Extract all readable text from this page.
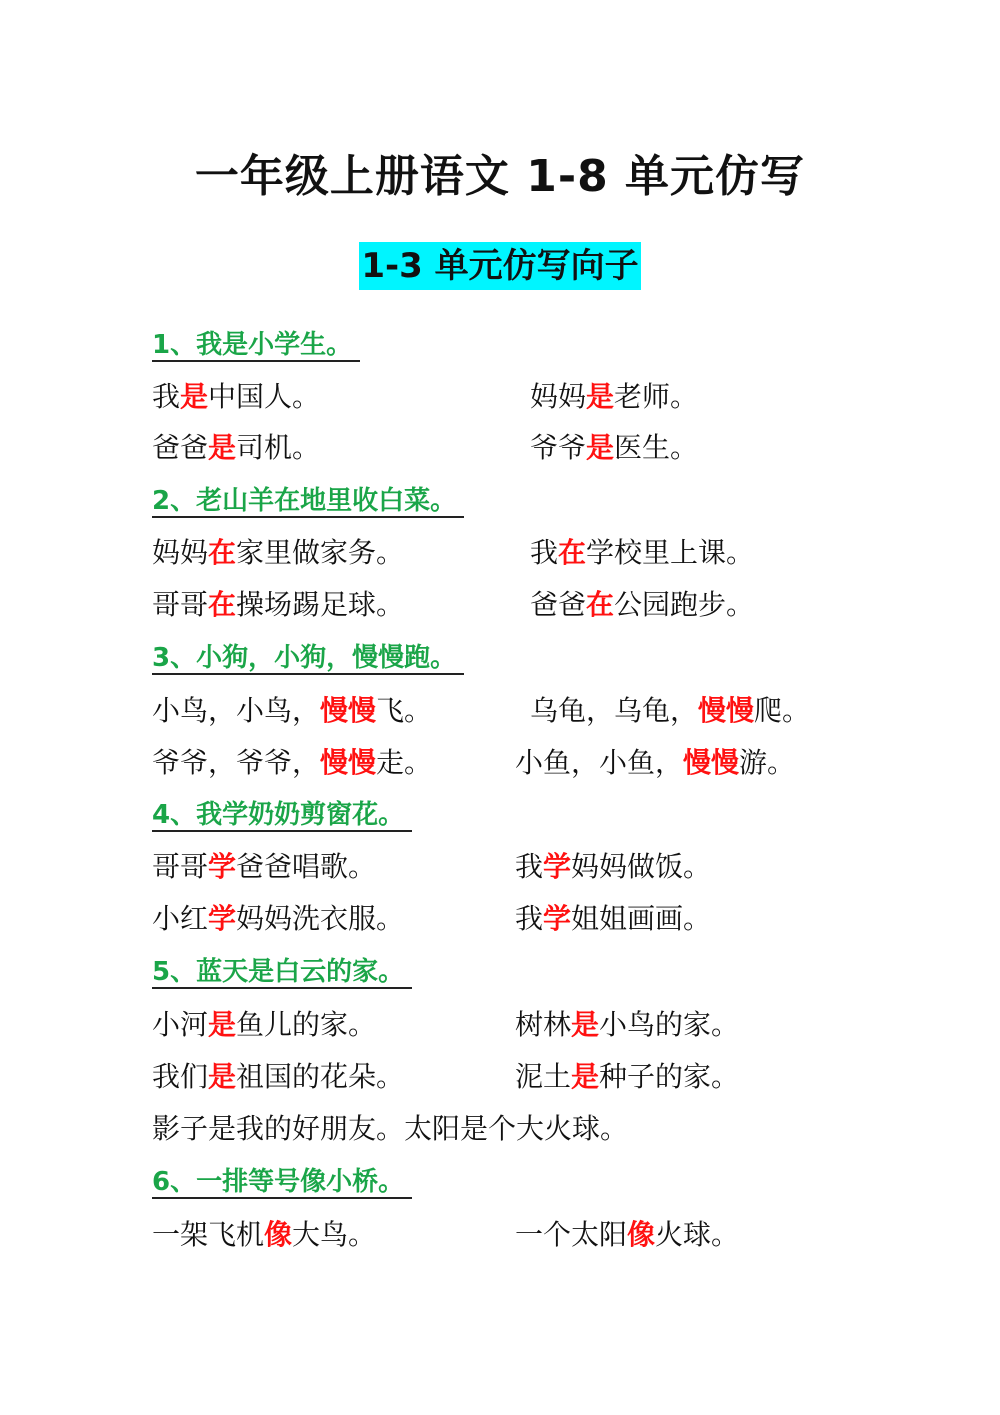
一年级上册语文 1-8 单元仿写
1-3 单元仿写向子
1、我是小学生。
我是中国人。	妈妈是老师。
爸爸是司机。	爷爷是医生。
2、老山羊在地里收白菜。
妈妈在家里做家务。	我在学校里上课。
哥哥在操场踢足球。	爸爸在公园跑步。
3、小狗，小狗，慢慢跑。
小鸟，小鸟，慢慢飞。	乌龟，乌龟，慢慢爬。
爷爷，爷爷，慢慢走。	小鱼，小鱼，慢慢游。
4、我学奶奶剪窗花。
哥哥学爸爸唱歌。	我学妈妈做饭。
小红学妈妈洗衣服。	我学姐姐画画。
5、蓝天是白云的家。
小河是鱼儿的家。	树林是小鸟的家。
我们是祖国的花朵。	泥土是种子的家。
影子是我的好朋友。太阳是个大火球。
6、一排等号像小桥。
一架飞机像大鸟。	一个太阳像火球。
